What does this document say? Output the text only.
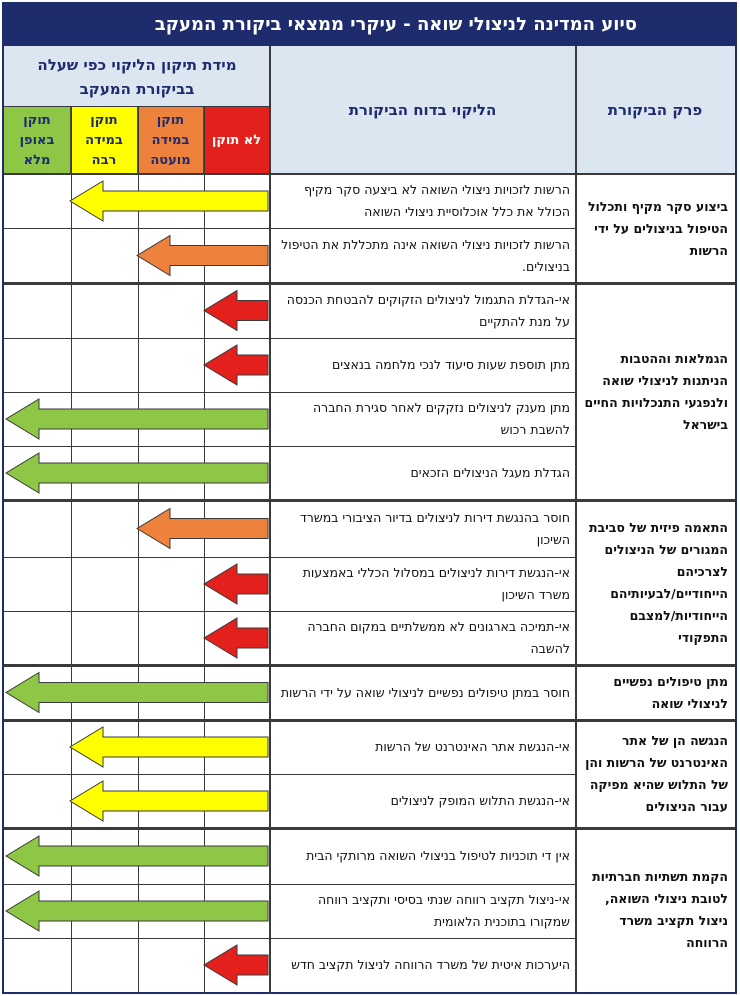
סיוע המדינה לניצולי שואה - עיקרי ממצאי ביקורת המעקב
פרק הביקורת
הליקוי בדוח הביקורת
מידת תיקון הליקוי כפי שעלה בביקורת המעקב
לא תוקן
תוקן במידה מועטה
תוקן במידה רבה
תוקן באופן מלא
ביצוע סקר מקיף ותכלול הטיפול בניצולים על ידי הרשות
הרשות לזכויות ניצולי השואה לא ביצעה סקר מקיף הכולל את כלל אוכלוסיית ניצולי השואה
הרשות לזכויות ניצולי השואה אינה מתכללת את הטיפול בניצולים.
הגמלאות וההטבות הניתנות לניצולי שואה ולנפגעי התנכלויות החיים בישראל
אי-הגדלת התגמול לניצולים הזקוקים להבטחת הכנסה על מנת להתקיים
מתן תוספת שעות סיעוד לנכי מלחמה בנאצים
מתן מענק לניצולים נזקקים לאחר סגירת החברה להשבת רכוש
הגדלת מעגל הניצולים הזכאים
התאמה פיזית של סביבת המגורים של הניצולים לצרכיהם הייחודיים/לבעיותיהם הייחודיות/למצבם התפקודי
חוסר בהנגשת דירות לניצולים בדיור הציבורי במשרד השיכון
אי-הנגשת דירות לניצולים במסלול הכללי באמצעות משרד השיכון
אי-תמיכה בארגונים לא ממשלתיים במקום החברה להשבה
מתן טיפולים נפשיים לניצולי שואה
חוסר במתן טיפולים נפשיים לניצולי שואה על ידי הרשות
הנגשה הן של אתר האינטרנט של הרשות והן של התלוש שהיא מפיקה עבור הניצולים
אי-הנגשת אתר האינטרנט של הרשות
אי-הנגשת התלוש המופק לניצולים
הקמת תשתיות חברתיות לטובת ניצולי השואה, ניצול תקציב משרד הרווחה
אין די תוכניות לטיפול בניצולי השואה מרותקי הבית
אי-ניצול תקציב רווחה שנתי בסיסי ותקציב רווחה שמקורו בתוכנית הלאומית
היערכות איטית של משרד הרווחה לניצול תקציב חדש
